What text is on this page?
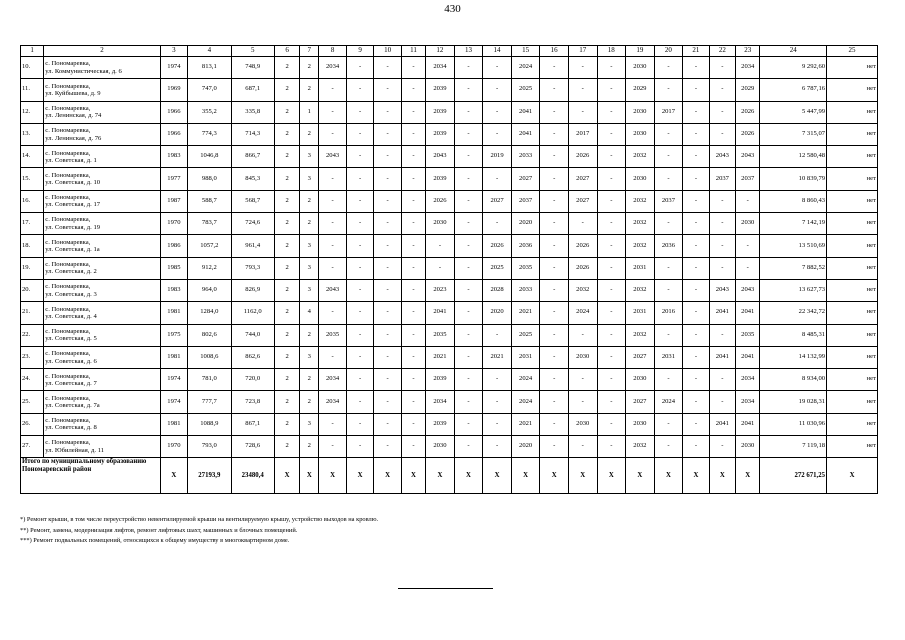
430
1	2	3	4	5	6	7	8	9	10	11	12	13	14	15	16	17	18	19	20	21	22	23	24	25
10.	с. Пономаревка,
ул. Коммунистическая, д. 6	1974	813,1	748,9	2	2	2034	-	-	-	2034	-	-	2024	-	-	-	2030	-	-	-	2034	9 292,60	нет
11.	с. Пономаревка,
ул. Куйбышева, д. 9	1969	747,0	687,1	2	2	-	-	-	-	2039	-	-	2025	-	-	-	2029	-	-	-	2029	6 787,16	нет
12.	с. Пономаревка,
ул. Ленинская, д. 74	1966	355,2	335,8	2	1	-	-	-	-	2039	-	-	2041	-	-	-	2030	2017	-	-	2026	5 447,99	нет
13.	с. Пономаревка,
ул. Ленинская, д. 76	1966	774,3	714,3	2	2	-	-	-	-	2039	-	-	2041	-	2017	-	2030	-	-	-	2026	7 315,07	нет
14.	с. Пономаревка,
ул. Советская, д. 1	1983	1046,8	866,7	2	3	2043	-	-	-	2043	-	2019	2033	-	2026	-	2032	-	-	2043	2043	12 580,48	нет
15.	с. Пономаревка,
ул. Советская, д. 10	1977	988,0	845,3	2	3	-	-	-	-	2039	-	-	2027	-	2027	-	2030	-	-	2037	2037	10 839,79	нет
16.	с. Пономаревка,
ул. Советская, д. 17	1987	588,7	568,7	2	2	-	-	-	-	2026	-	2027	2037	-	2027	-	2032	2037	-	-	-	8 860,43	нет
17.	с. Пономаревка,
ул. Советская, д. 19	1970	783,7	724,6	2	2	-	-	-	-	2030	-	-	2020	-	-	-	2032	-	-	-	2030	7 142,19	нет
18.	с. Пономаревка,
ул. Советская, д. 1а	1986	1057,2	961,4	2	3	-	-	-	-	-	-	2026	2036	-	2026	-	2032	2036	-	-	-	13 510,69	нет
19.	с. Пономаревка,
ул. Советская, д. 2	1985	912,2	793,3	2	3	-	-	-	-	-	-	2025	2035	-	2026	-	2031	-	-	-	-	7 882,52	нет
20.	с. Пономаревка,
ул. Советская, д. 3	1983	964,0	826,9	2	3	2043	-	-	-	2023	-	2028	2033	-	2032	-	2032	-	-	2043	2043	13 627,73	нет
21.	с. Пономаревка,
ул. Советская, д. 4	1981	1284,0	1162,0	2	4	-	-	-	-	2041	-	2020	2021	-	2024	-	2031	2016	-	2041	2041	22 342,72	нет
22.	с. Пономаревка,
ул. Советская, д. 5	1975	802,6	744,0	2	2	2035	-	-	-	2035	-	-	2025	-	-	-	2032	-	-	-	2035	8 485,31	нет
23.	с. Пономаревка,
ул. Советская, д. 6	1981	1008,6	862,6	2	3	-	-	-	-	2021	-	2021	2031	-	2030	-	2027	2031	-	2041	2041	14 132,99	нет
24.	с. Пономаревка,
ул. Советская, д. 7	1974	781,0	720,0	2	2	2034	-	-	-	2039	-	-	2024	-	-	-	2030	-	-	-	2034	8 934,00	нет
25.	с. Пономаревка,
ул. Советская, д. 7а	1974	777,7	723,8	2	2	2034	-	-	-	2034	-	-	2024	-	-	-	2027	2024	-	-	2034	19 028,31	нет
26.	с. Пономаревка,
ул. Советская, д. 8	1981	1088,9	867,1	2	3	-	-	-	-	2039	-	-	2021	-	2030	-	2030	-	-	2041	2041	11 030,96	нет
27.	с. Пономаревка,
ул. Юбилейная, д. 11	1970	793,0	728,6	2	2	-	-	-	-	2030	-	-	2020	-	-	-	2032	-	-	-	2030	7 119,18	нет
Итого по муниципальному образованию Пономаревский район		X	27193,9	23480,4	X	X	X	X	X	X	X	X	X	X	X	X	X	X	X	X	X	X	272 671,25	X
*) Ремонт крыши, в том числе переустройство невентилируемой крыши на вентилируемую крышу, устройство выходов на кровлю.
**) Ремонт, замена, модернизация лифтов, ремонт лифтовых шахт, машинных и блочных помещений.
***) Ремонт подвальных помещений, относящихся к общему имуществу в многоквартирном доме.
